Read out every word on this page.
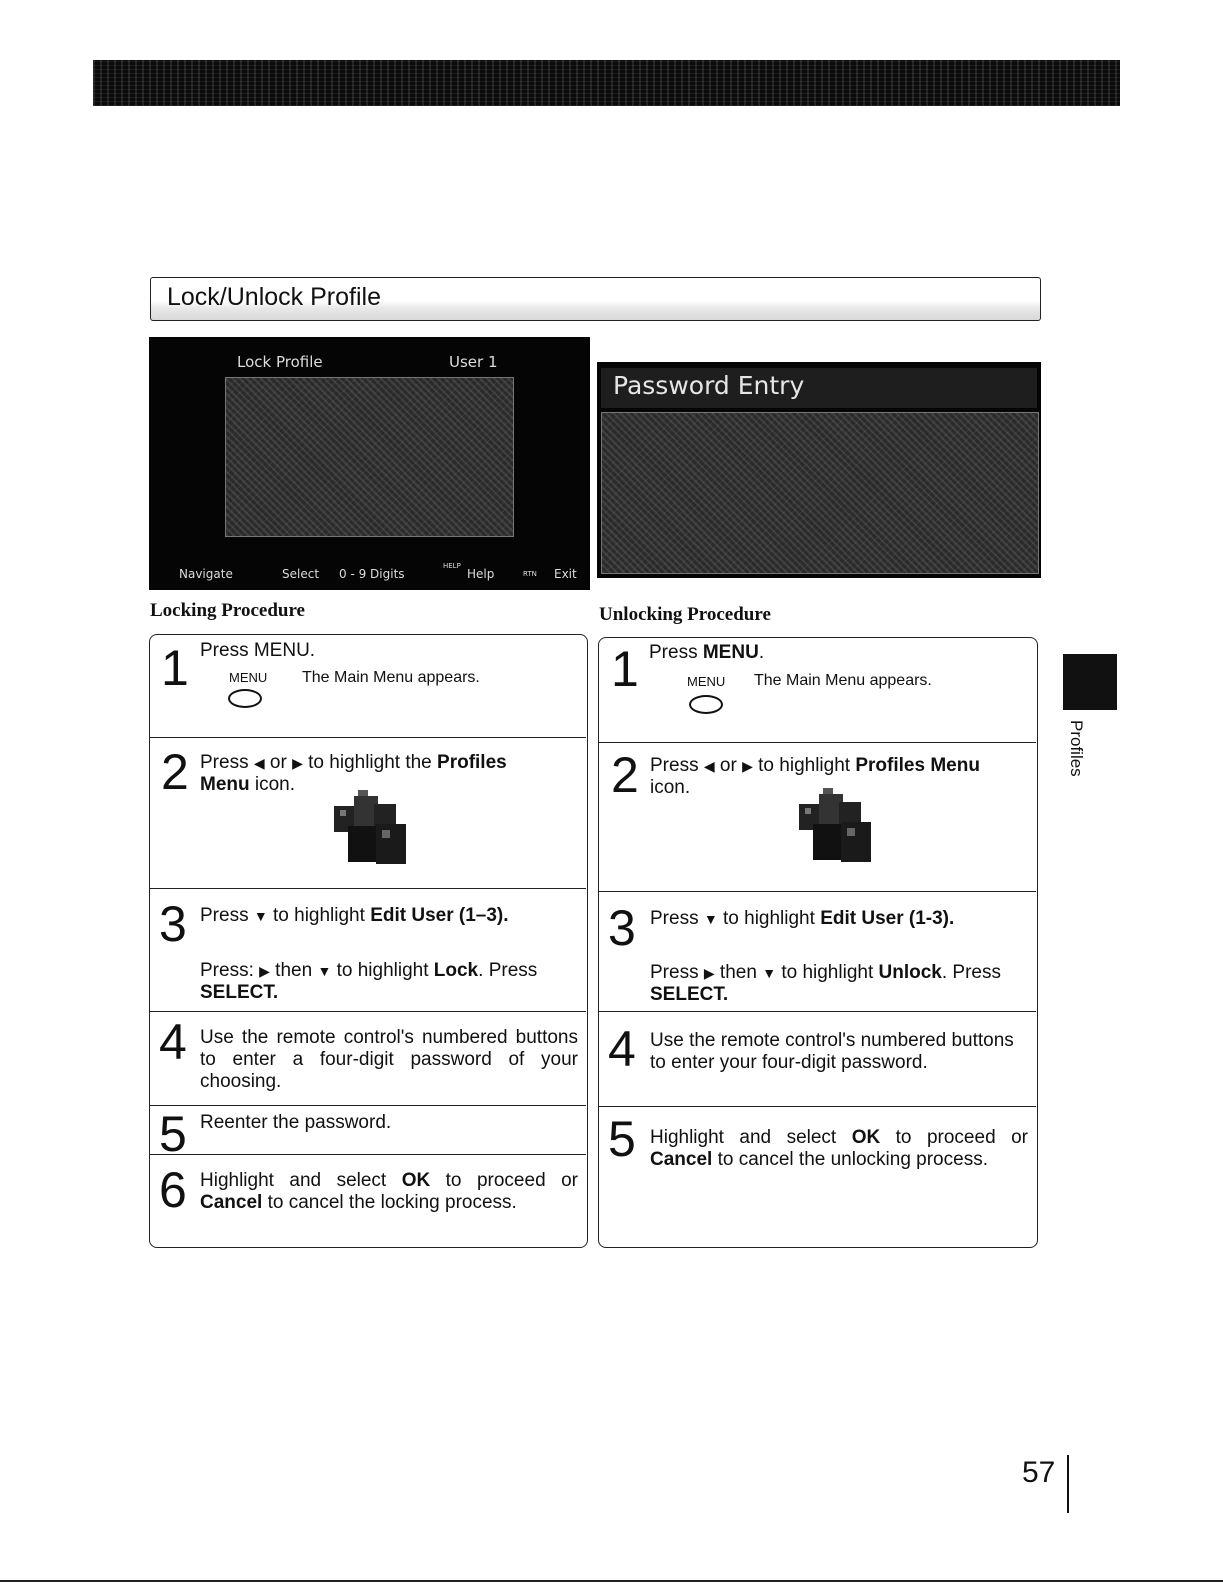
Lock/Unlock Profile
Lock Profile	User 1
Navigate	Select 0 - 9 Digits
HELP
Help	RTN Exit
Password Entry
Locking Procedure
1 Press MENU.
MENU The Main Menu appears.
2 Press ◀ or ▶ to highlight the Profiles
Menu icon.
3 Press ▼ to highlight Edit User (1–3).
Press: ▶ then ▼ to highlight Lock. Press
SELECT.
4 Use the remote control's numbered buttons to enter a four-digit password of your choosing.
5 Reenter the password.
6 Highlight and select OK to proceed or
Cancel to cancel the locking process.
Unlocking Procedure
1 Press MENU.
MENU The Main Menu appears.
2 Press ◀ or ▶ to highlight Profiles Menu
icon.
3 Press ▼ to highlight Edit User (1-3).
Press ▶ then ▼ to highlight Unlock. Press
SELECT.
4 Use the remote control's numbered buttons to enter your four-digit password.
5 Highlight and select OK to proceed or
Cancel to cancel the unlocking process.
Profiles
57
